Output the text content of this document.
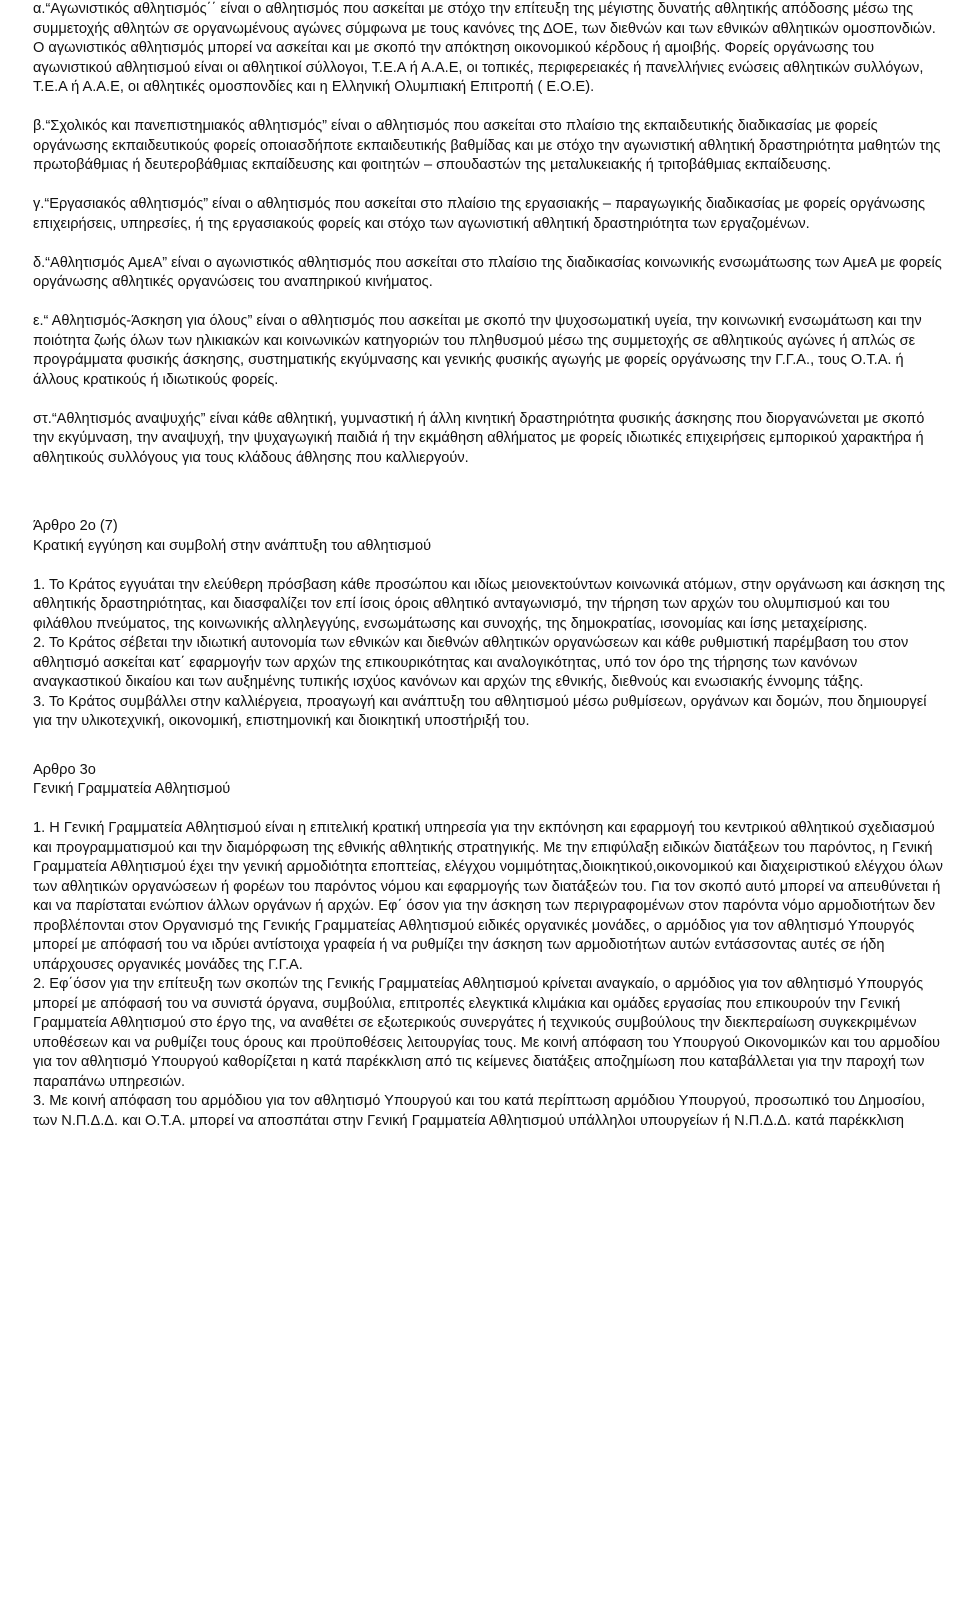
α.“Αγωνιστικός αθλητισμός΄΄ είναι ο αθλητισμός που ασκείται με στόχο την επίτευξη της μέγιστης δυνατής αθλητικής απόδοσης μέσω της συμμετοχής αθλητών σε οργανωμένους αγώνες σύμφωνα με τους κανόνες της ΔΟΕ, των διεθνών και των εθνικών αθλητικών ομοσπονδιών. Ο αγωνιστικός αθλητισμός μπορεί να ασκείται και με σκοπό την απόκτηση οικονομικού κέρδους ή αμοιβής. Φορείς οργάνωσης του αγωνιστικού αθλητισμού είναι οι αθλητικοί σύλλογοι, Τ.Ε.Α ή Α.Α.Ε, οι τοπικές, περιφερειακές ή πανελλήνιες ενώσεις αθλητικών συλλόγων, Τ.Ε.Α ή Α.Α.Ε, οι αθλητικές ομοσπονδίες και η Ελληνική Ολυμπιακή Επιτροπή ( Ε.Ο.Ε).

β.“Σχολικός και πανεπιστημιακός αθλητισμός” είναι ο αθλητισμός που ασκείται στο πλαίσιο της εκπαιδευτικής διαδικασίας με φορείς οργάνωσης εκπαιδευτικούς φορείς οποιασδήποτε εκπαιδευτικής βαθμίδας και με στόχο την αγωνιστική αθλητική δραστηριότητα μαθητών της πρωτοβάθμιας ή δευτεροβάθμιας εκπαίδευσης και φοιτητών – σπουδαστών της μεταλυκειακής ή τριτοβάθμιας εκπαίδευσης.

γ.“Εργασιακός αθλητισμός” είναι ο αθλητισμός που ασκείται στο πλαίσιο της εργασιακής – παραγωγικής διαδικασίας με φορείς οργάνωσης επιχειρήσεις, υπηρεσίες, ή της εργασιακούς φορείς και στόχο των αγωνιστική αθλητική δραστηριότητα των εργαζομένων.

δ.“Αθλητισμός ΑμεΑ” είναι ο αγωνιστικός αθλητισμός που ασκείται στο πλαίσιο της διαδικασίας κοινωνικής ενσωμάτωσης των ΑμεΑ με φορείς οργάνωσης αθλητικές οργανώσεις του αναπηρικού κινήματος.

ε.“ Αθλητισμός-Άσκηση για όλους” είναι ο αθλητισμός που ασκείται με σκοπό την ψυχοσωματική υγεία, την κοινωνική ενσωμάτωση και την ποιότητα ζωής όλων των ηλικιακών και κοινωνικών κατηγοριών του πληθυσμού μέσω της συμμετοχής σε αθλητικούς αγώνες ή απλώς σε προγράμματα φυσικής άσκησης, συστηματικής εκγύμνασης και γενικής φυσικής αγωγής με φορείς οργάνωσης την Γ.Γ.Α., τους Ο.Τ.Α. ή άλλους κρατικούς ή ιδιωτικούς φορείς.

στ.“Αθλητισμός αναψυχής” είναι κάθε αθλητική, γυμναστική ή άλλη κινητική δραστηριότητα φυσικής άσκησης που διοργανώνεται με σκοπό την εκγύμναση, την αναψυχή, την ψυχαγωγική παιδιά ή την εκμάθηση αθλήματος με φορείς ιδιωτικές επιχειρήσεις εμπορικού χαρακτήρα ή αθλητικούς συλλόγους για τους κλάδους άθλησης που καλλιεργούν.

Άρθρο 2ο (7)

Κρατική εγγύηση και συμβολή στην ανάπτυξη του αθλητισμού

1. Το Κράτος εγγυάται την ελεύθερη πρόσβαση κάθε προσώπου και ιδίως μειονεκτούντων κοινωνικά ατόμων, στην οργάνωση και άσκηση της αθλητικής δραστηριότητας, και διασφαλίζει τον επί ίσοις όροις αθλητικό ανταγωνισμό, την τήρηση των αρχών του ολυμπισμού και του φιλάθλου πνεύματος, της κοινωνικής αλληλεγγύης, ενσωμάτωσης και συνοχής, της δημοκρατίας, ισονομίας και ίσης μεταχείρισης.

2. Το Κράτος σέβεται την ιδιωτική αυτονομία των εθνικών και διεθνών αθλητικών οργανώσεων και κάθε ρυθμιστική παρέμβαση του στον αθλητισμό ασκείται κατ΄ εφαρμογήν των αρχών της επικουρικότητας και αναλογικότητας, υπό τον όρο της τήρησης των κανόνων αναγκαστικού δικαίου και των αυξημένης τυπικής ισχύος κανόνων και αρχών της εθνικής, διεθνούς και ενωσιακής έννομης τάξης.

3. Το Κράτος συμβάλλει στην καλλιέργεια, προαγωγή και ανάπτυξη του αθλητισμού μέσω ρυθμίσεων, οργάνων και δομών, που δημιουργεί για την υλικοτεχνική, οικονομική, επιστημονική και διοικητική υποστήριξή του.

Αρθρο 3ο

Γενική Γραμματεία Αθλητισμού

1. Η Γενική Γραμματεία Αθλητισμού είναι η επιτελική κρατική υπηρεσία για την εκπόνηση και εφαρμογή του κεντρικού αθλητικού σχεδιασμού και προγραμματισμού και την διαμόρφωση της εθνικής αθλητικής στρατηγικής. Με την επιφύλαξη ειδικών διατάξεων του παρόντος, η Γενική Γραμματεία Αθλητισμού έχει την γενική αρμοδιότητα εποπτείας, ελέγχου νομιμότητας,διοικητικού,οικονομικού και διαχειριστικού ελέγχου όλων των αθλητικών οργανώσεων ή φορέων του παρόντος νόμου και εφαρμογής των διατάξεών του. Για τον σκοπό αυτό μπορεί να απευθύνεται ή και να παρίσταται ενώπιον άλλων οργάνων ή αρχών. Εφ΄ όσον για την άσκηση των περιγραφομένων στον παρόντα νόμο αρμοδιοτήτων δεν προβλέπονται στον Οργανισμό της Γενικής Γραμματείας Αθλητισμού ειδικές οργανικές μονάδες, ο αρμόδιος για τον αθλητισμό Υπουργός μπορεί με απόφασή του να ιδρύει αντίστοιχα γραφεία ή να ρυθμίζει την άσκηση των αρμοδιοτήτων αυτών εντάσσοντας αυτές σε ήδη υπάρχουσες οργανικές μονάδες της Γ.Γ.Α.

2. Εφ΄όσον για την επίτευξη των σκοπών της Γενικής Γραμματείας Αθλητισμού κρίνεται αναγκαίο, ο αρμόδιος για τον αθλητισμό Υπουργός μπορεί με απόφασή του να συνιστά όργανα, συμβούλια, επιτροπές ελεγκτικά κλιμάκια και ομάδες εργασίας που επικουρούν την Γενική Γραμματεία Αθλητισμού στο έργο της, να αναθέτει σε εξωτερικούς συνεργάτες ή τεχνικούς συμβούλους την διεκπεραίωση συγκεκριμένων υποθέσεων και να ρυθμίζει τους όρους και προϋποθέσεις λειτουργίας τους. Με κοινή απόφαση του Υπουργού Οικονομικών και του αρμοδίου για τον αθλητισμό Υπουργού καθορίζεται η κατά παρέκκλιση από τις κείμενες διατάξεις αποζημίωση που καταβάλλεται για την παροχή των παραπάνω υπηρεσιών.

3. Με κοινή απόφαση του αρμόδιου για τον αθλητισμό Υπουργού και του κατά περίπτωση αρμόδιου Υπουργού, προσωπικό του Δημοσίου, των Ν.Π.Δ.Δ. και Ο.Τ.Α. μπορεί να αποσπάται στην Γενική Γραμματεία Αθλητισμού υπάλληλοι υπουργείων ή Ν.Π.Δ.Δ. κατά παρέκκλιση
